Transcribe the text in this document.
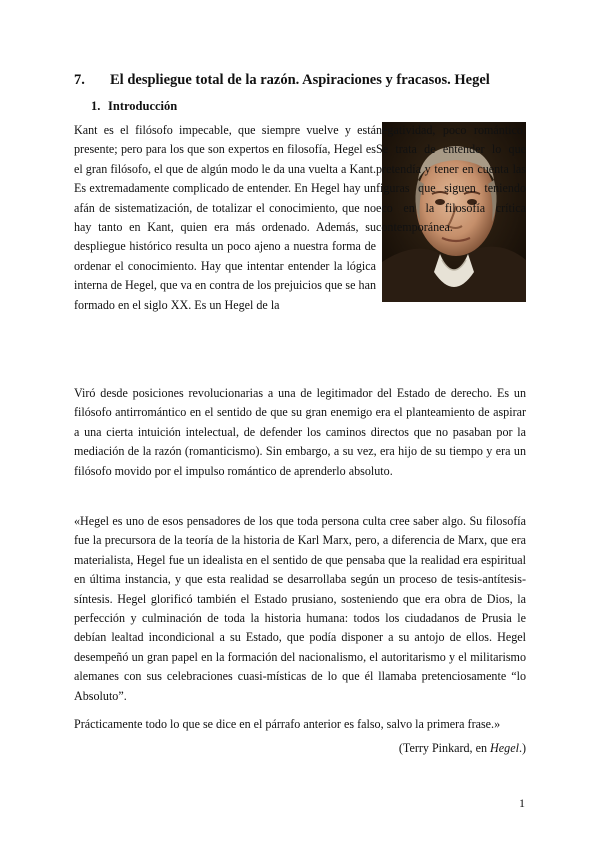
7. El despliegue total de la razón. Aspiraciones y fracasos. Hegel
1. Introducción
Kant es el filósofo impecable, que siempre vuelve y está presente; pero para los que son expertos en filosofía, Hegel es el gran filósofo, el que de algún modo le da una vuelta a Kant. Es extremadamente complicado de entender. En Hegel hay un afán de sistematización, de totalizar el conocimiento, que no hay tanto en Kant, quien era más ordenado. Además, su despliegue histórico resulta un poco ajeno a nuestra forma de ordenar el conocimiento. Hay que intentar entender la lógica interna de Hegel, que va en contra de los prejuicios que se han formado en el siglo XX. Es un Hegel de la
negatividad, poco romántico. Se trata de entender lo que pretendía y tener en cuenta las figuras que siguen teniendo eco en la filosofía crítica contemporánea.

Viró desde posiciones revolucionarias a una de legitimador del Estado de derecho. Es un filósofo antirromántico en el sentido de que su gran enemigo era el planteamiento de aspirar a una cierta intuición intelectual, de defender los caminos directos que no pasaban por la mediación de la razón (romanticismo). Sin embargo, a su vez, era hijo de su tiempo y era un filósofo movido por el impulso romántico de aprenderlo absoluto.

«Hegel es uno de esos pensadores de los que toda persona culta cree saber algo. Su filosofía fue la precursora de la teoría de la historia de Karl Marx, pero, a diferencia de Marx, que era materialista, Hegel fue un idealista en el sentido de que pensaba que la realidad era espiritual en última instancia, y que esta realidad se desarrollaba según un proceso de tesis-antítesis-síntesis. Hegel glorificó también el Estado prusiano, sosteniendo que era obra de Dios, la perfección y culminación de toda la historia humana: todos los ciudadanos de Prusia le debían lealtad incondicional a su Estado, que podía disponer a su antojo de ellos. Hegel desempeñó un gran papel en la formación del nacionalismo, el autoritarismo y el militarismo alemanes con sus celebraciones cuasi-místicas de lo que él llamaba pretenciosamente “lo Absoluto”.

Prácticamente todo lo que se dice en el párrafo anterior es falso, salvo la primera frase.»

(Terry Pinkard, en Hegel.)
1
